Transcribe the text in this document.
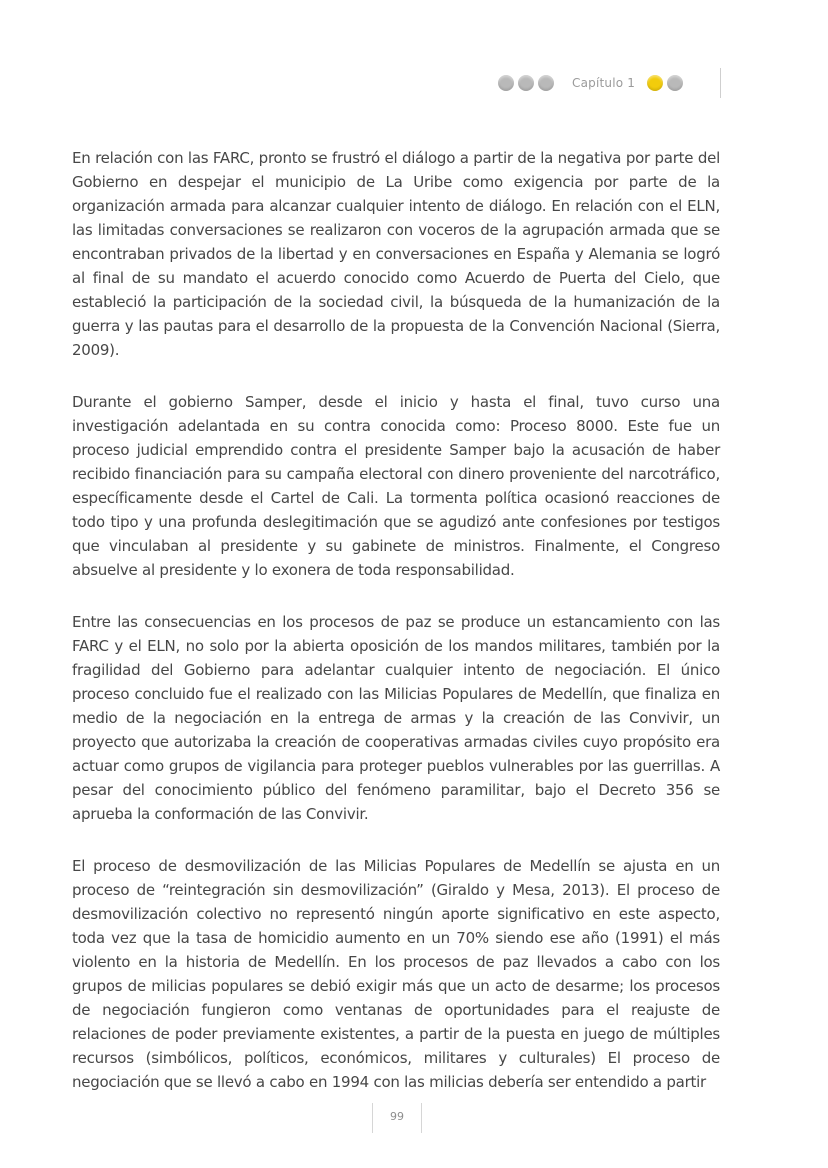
Capítulo 1

En relación con las FARC, pronto se frustró el diálogo a partir de la negativa por parte del Gobierno en despejar el municipio de La Uribe como exigencia por parte de la organización armada para alcanzar cualquier intento de diálogo. En relación con el ELN, las limitadas conversaciones se realizaron con voceros de la agrupación armada que se encontraban privados de la libertad y en conversaciones en España y Alemania se logró al final de su mandato el acuerdo conocido como Acuerdo de Puerta del Cielo, que estableció la participación de la sociedad civil, la búsqueda de la humanización de la guerra y las pautas para el desarrollo de la propuesta de la Convención Nacional (Sierra, 2009).

Durante el gobierno Samper, desde el inicio y hasta el final, tuvo curso una investigación adelantada en su contra conocida como: Proceso 8000. Este fue un proceso judicial emprendido contra el presidente Samper bajo la acusación de haber recibido financiación para su campaña electoral con dinero proveniente del narcotráfico, específicamente desde el Cartel de Cali. La tormenta política ocasionó reacciones de todo tipo y una profunda deslegitimación que se agudizó ante confesiones por testigos que vinculaban al presidente y su gabinete de ministros. Finalmente, el Congreso absuelve al presidente y lo exonera de toda responsabilidad.

Entre las consecuencias en los procesos de paz se produce un estancamiento con las FARC y el ELN, no solo por la abierta oposición de los mandos militares, también por la fragilidad del Gobierno para adelantar cualquier intento de negociación. El único proceso concluido fue el realizado con las Milicias Populares de Medellín, que finaliza en medio de la negociación en la entrega de armas y la creación de las Convivir, un proyecto que autorizaba la creación de cooperativas armadas civiles cuyo propósito era actuar como grupos de vigilancia para proteger pueblos vulnerables por las guerrillas. A pesar del conocimiento público del fenómeno paramilitar, bajo el Decreto 356 se aprueba la conformación de las Convivir.

El proceso de desmovilización de las Milicias Populares de Medellín se ajusta en un proceso de “reintegración sin desmovilización” (Giraldo y Mesa, 2013). El proceso de desmovilización colectivo no representó ningún aporte significativo en este aspecto, toda vez que la tasa de homicidio aumento en un 70% siendo ese año (1991) el más violento en la historia de Medellín. En los procesos de paz llevados a cabo con los grupos de milicias populares se debió exigir más que un acto de desarme; los procesos de negociación fungieron como ventanas de oportunidades para el reajuste de relaciones de poder previamente existentes, a partir de la puesta en juego de múltiples recursos (simbólicos, políticos, económicos, militares y culturales) El proceso de negociación que se llevó a cabo en 1994 con las milicias debería ser entendido a partir

99
